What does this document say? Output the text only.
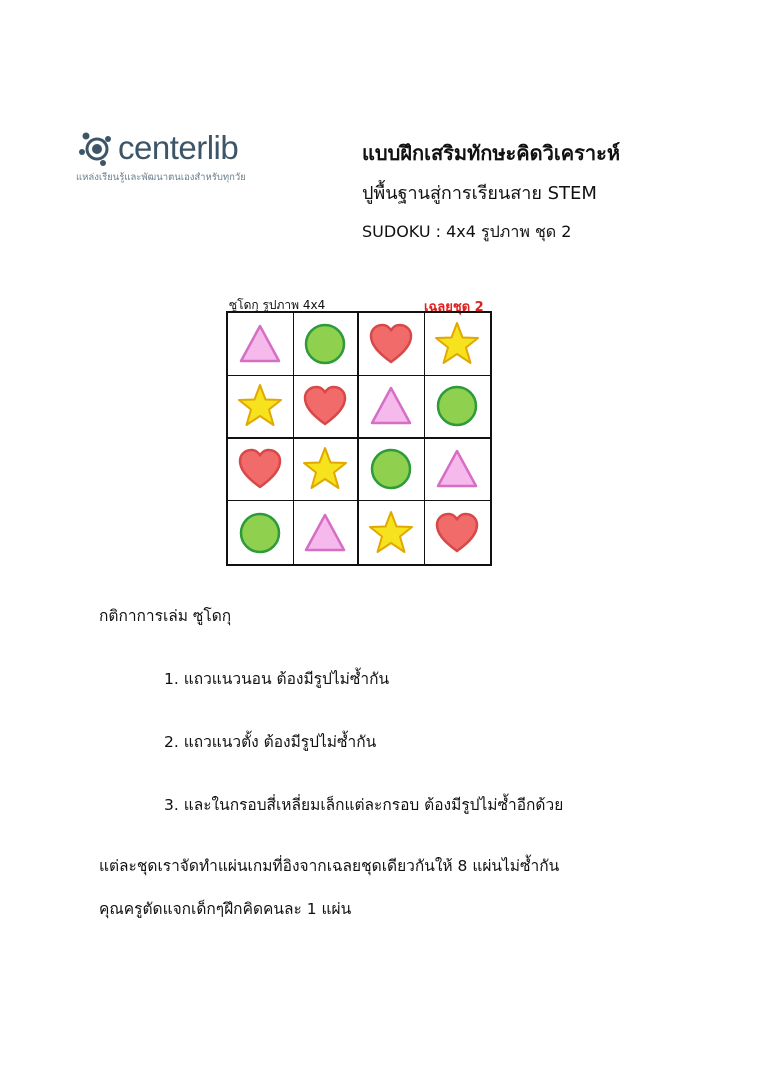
centerlib
แหล่งเรียนรู้และพัฒนาตนเองสำหรับทุกวัย
แบบฝึกเสริมทักษะคิดวิเคราะห์
ปูพื้นฐานสู่การเรียนสาย STEM
SUDOKU : 4x4 รูปภาพ ชุด 2
ซูโดกุ รูปภาพ 4x4	เฉลยชุด 2
กติกาการเล่ม ซูโดกุ
1. แถวแนวนอน ต้องมีรูปไม่ซ้ำกัน
2. แถวแนวตั้ง ต้องมีรูปไม่ซ้ำกัน
3. และในกรอบสี่เหลี่ยมเล็กแต่ละกรอบ ต้องมีรูปไม่ซ้ำอีกด้วย
แต่ละชุดเราจัดทำแผ่นเกมที่อิงจากเฉลยชุดเดียวกันให้ 8 แผ่นไม่ซ้ำกัน
คุณครูตัดแจกเด็กๆฝึกคิดคนละ 1 แผ่น
